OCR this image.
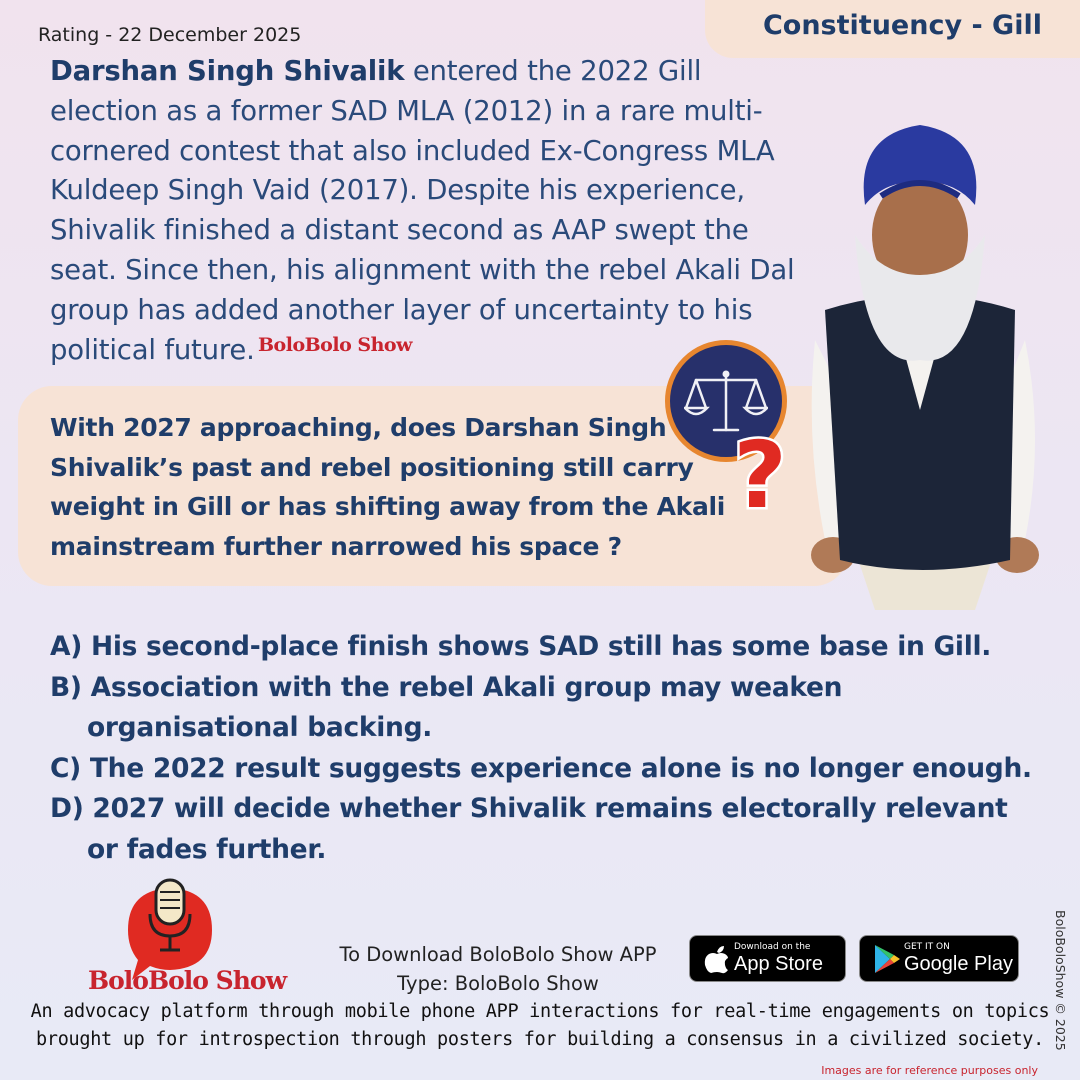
Rating - 22 December 2025	Constituency - Gill
Darshan Singh Shivalik entered the 2022 Gill election as a former SAD MLA (2012) in a rare multi-cornered contest that also included Ex-Congress MLA Kuldeep Singh Vaid (2017). Despite his experience, Shivalik finished a distant second as AAP swept the seat. Since then, his alignment with the rebel Akali Dal group has added another layer of uncertainty to his political future. BoloBolo Show
With 2027 approaching, does Darshan Singh Shivalik’s past and rebel positioning still carry weight in Gill or has shifting away from the Akali mainstream further narrowed his space ?
?
A) His second-place finish shows SAD still has some base in Gill.
B) Association with the rebel Akali group may weaken organisational backing.
C) The 2022 result suggests experience alone is no longer enough.
D) 2027 will decide whether Shivalik remains electorally relevant or fades further.
BoloBolo Show
To Download BoloBolo Show APP
Type: BoloBolo Show
Download on the
App Store
GET IT ON
Google Play
An advocacy platform through mobile phone APP interactions for real-time engagements on topics brought up for introspection through posters for building a consensus in a civilized society. BoloBoloShow © 2025
Images are for reference purposes only
